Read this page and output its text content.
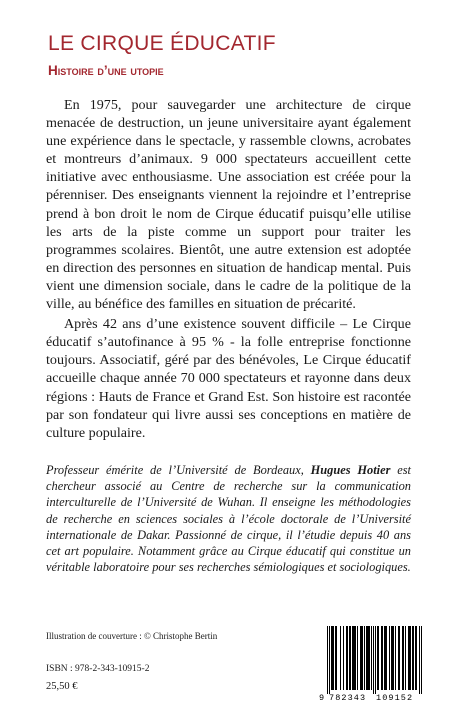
LE CIRQUE ÉDUCATIF
Histoire d’une utopie

En 1975, pour sauvegarder une architecture de cirque menacée de destruction, un jeune universitaire ayant également une expérience dans le spectacle, y rassemble clowns, acrobates et montreurs d’animaux. 9 000 spectateurs accueillent cette initiative avec enthousiasme. Une association est créée pour la pérenniser. Des enseignants viennent la rejoindre et l’entreprise prend à bon droit le nom de Cirque éducatif puisqu’elle utilise les arts de la piste comme un support pour traiter les programmes scolaires. Bientôt, une autre extension est adoptée en direction des personnes en situation de handicap mental. Puis vient une dimension sociale, dans le cadre de la politique de la ville, au bénéfice des familles en situation de précarité.

Après 42 ans d’une existence souvent difficile – Le Cirque éducatif s’autofinance à 95 % - la folle entreprise fonctionne toujours. Associatif, géré par des bénévoles, Le Cirque éducatif accueille chaque année 70 000 spectateurs et rayonne dans deux régions : Hauts de France et Grand Est. Son histoire est racontée par son fondateur qui livre aussi ses conceptions en matière de culture populaire.

Professeur émérite de l’Université de Bordeaux, Hugues Hotier est chercheur associé au Centre de recherche sur la communication interculturelle de l’Université de Wuhan. Il enseigne les méthodologies de recherche en sciences sociales à l’école doctorale de l’Université internationale de Dakar. Passionné de cirque, il l’étudie depuis 40 ans cet art populaire. Notamment grâce au Cirque éducatif qui constitue un véritable laboratoire pour ses recherches sémiologiques et sociologiques.

Illustration de couverture : © Christophe Bertin

ISBN : 978-2-343-10915-2

25,50 €

9 782343 109152
